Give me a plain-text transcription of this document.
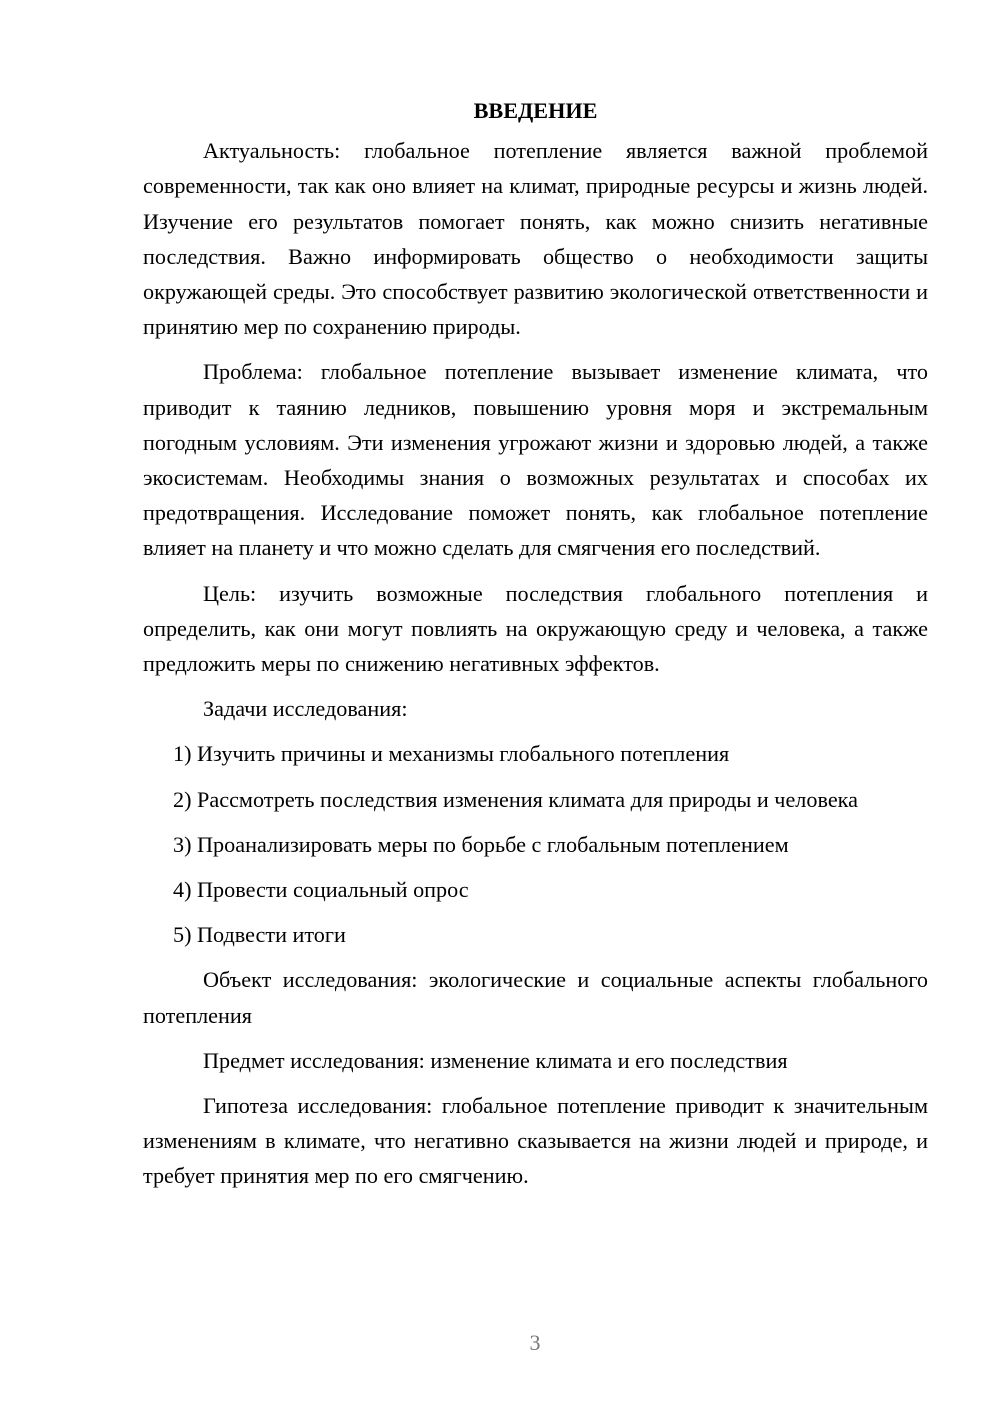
ВВЕДЕНИЕ

Актуальность: глобальное потепление является важной проблемой современности, так как оно влияет на климат, природные ресурсы и жизнь людей. Изучение его результатов помогает понять, как можно снизить негативные последствия. Важно информировать общество о необходимости защиты окружающей среды. Это способствует развитию экологической ответственности и принятию мер по сохранению природы.

Проблема: глобальное потепление вызывает изменение климата, что приводит к таянию ледников, повышению уровня моря и экстремальным погодным условиям. Эти изменения угрожают жизни и здоровью людей, а также экосистемам. Необходимы знания о возможных результатах и способах их предотвращения. Исследование поможет понять, как глобальное потепление влияет на планету и что можно сделать для смягчения его последствий.

Цель: изучить возможные последствия глобального потепления и определить, как они могут повлиять на окружающую среду и человека, а также предложить меры по снижению негативных эффектов.

Задачи исследования:

1) Изучить причины и механизмы глобального потепления

2) Рассмотреть последствия изменения климата для природы и человека

3) Проанализировать меры по борьбе с глобальным потеплением

4) Провести социальный опрос

5) Подвести итоги

Объект исследования: экологические и социальные аспекты глобального потепления

Предмет исследования: изменение климата и его последствия

Гипотеза исследования: глобальное потепление приводит к значительным изменениям в климате, что негативно сказывается на жизни людей и природе, и требует принятия мер по его смягчению.

3
